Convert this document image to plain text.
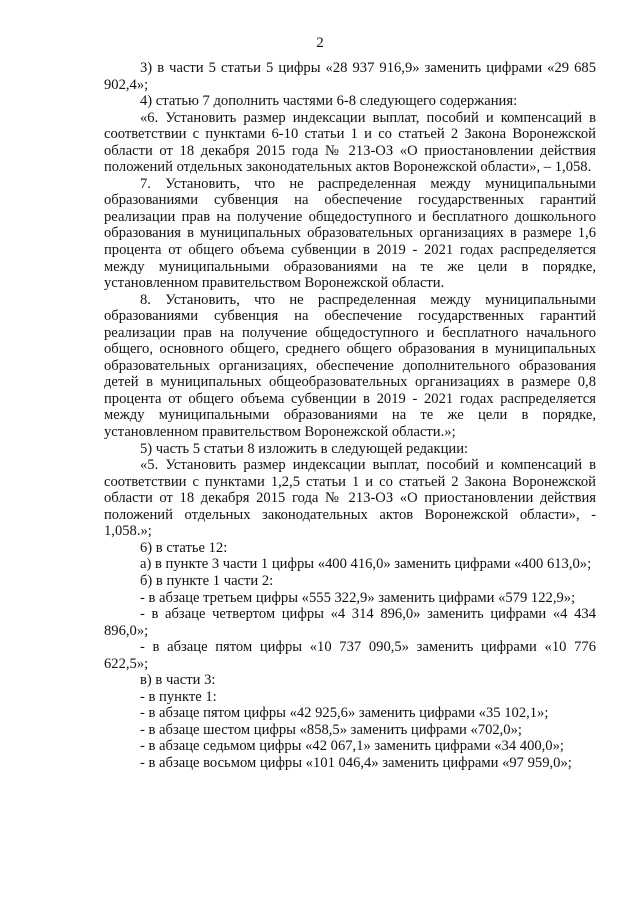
2

3) в части 5 статьи 5 цифры «28 937 916,9» заменить цифрами «29 685 902,4»;

4) статью 7 дополнить частями 6-8 следующего содержания:

«6. Установить размер индексации выплат, пособий и компенсаций в соответствии с пунктами 6-10 статьи 1 и со статьей 2 Закона Воронежской области от 18 декабря 2015 года № 213-ОЗ «О приостановлении действия положений отдельных законодательных актов Воронежской области», – 1,058.

7. Установить, что не распределенная между муниципальными образованиями субвенция на обеспечение государственных гарантий реализации прав на получение общедоступного и бесплатного дошкольного образования в муниципальных образовательных организациях в размере 1,6 процента от общего объема субвенции в 2019 - 2021 годах распределяется между муниципальными образованиями на те же цели в порядке, установленном правительством Воронежской области.

8. Установить, что не распределенная между муниципальными образованиями субвенция на обеспечение государственных гарантий реализации прав на получение общедоступного и бесплатного начального общего, основного общего, среднего общего образования в муниципальных образовательных организациях, обеспечение дополнительного образования детей в муниципальных общеобразовательных организациях в размере 0,8 процента от общего объема субвенции в 2019 - 2021 годах распределяется между муниципальными образованиями на те же цели в порядке, установленном правительством Воронежской области.»;

5) часть 5 статьи 8 изложить в следующей редакции:

«5. Установить размер индексации выплат, пособий и компенсаций в соответствии с пунктами 1,2,5 статьи 1 и со статьей 2 Закона Воронежской области от 18 декабря 2015 года № 213-ОЗ «О приостановлении действия положений отдельных законодательных актов Воронежской области», - 1,058.»;

6) в статье 12:

а) в пункте 3 части 1 цифры «400 416,0» заменить цифрами «400 613,0»;

б) в пункте 1 части 2:

- в абзаце третьем цифры «555 322,9» заменить цифрами «579 122,9»;

- в абзаце четвертом цифры «4 314 896,0» заменить цифрами «4 434 896,0»;

- в абзаце пятом цифры «10 737 090,5» заменить цифрами «10 776 622,5»;

в) в части 3:

- в пункте 1:

- в абзаце пятом цифры «42 925,6» заменить цифрами «35 102,1»;

- в абзаце шестом цифры «858,5» заменить цифрами «702,0»;

- в абзаце седьмом цифры «42 067,1» заменить цифрами «34 400,0»;

- в абзаце восьмом цифры «101 046,4» заменить цифрами «97 959,0»;
